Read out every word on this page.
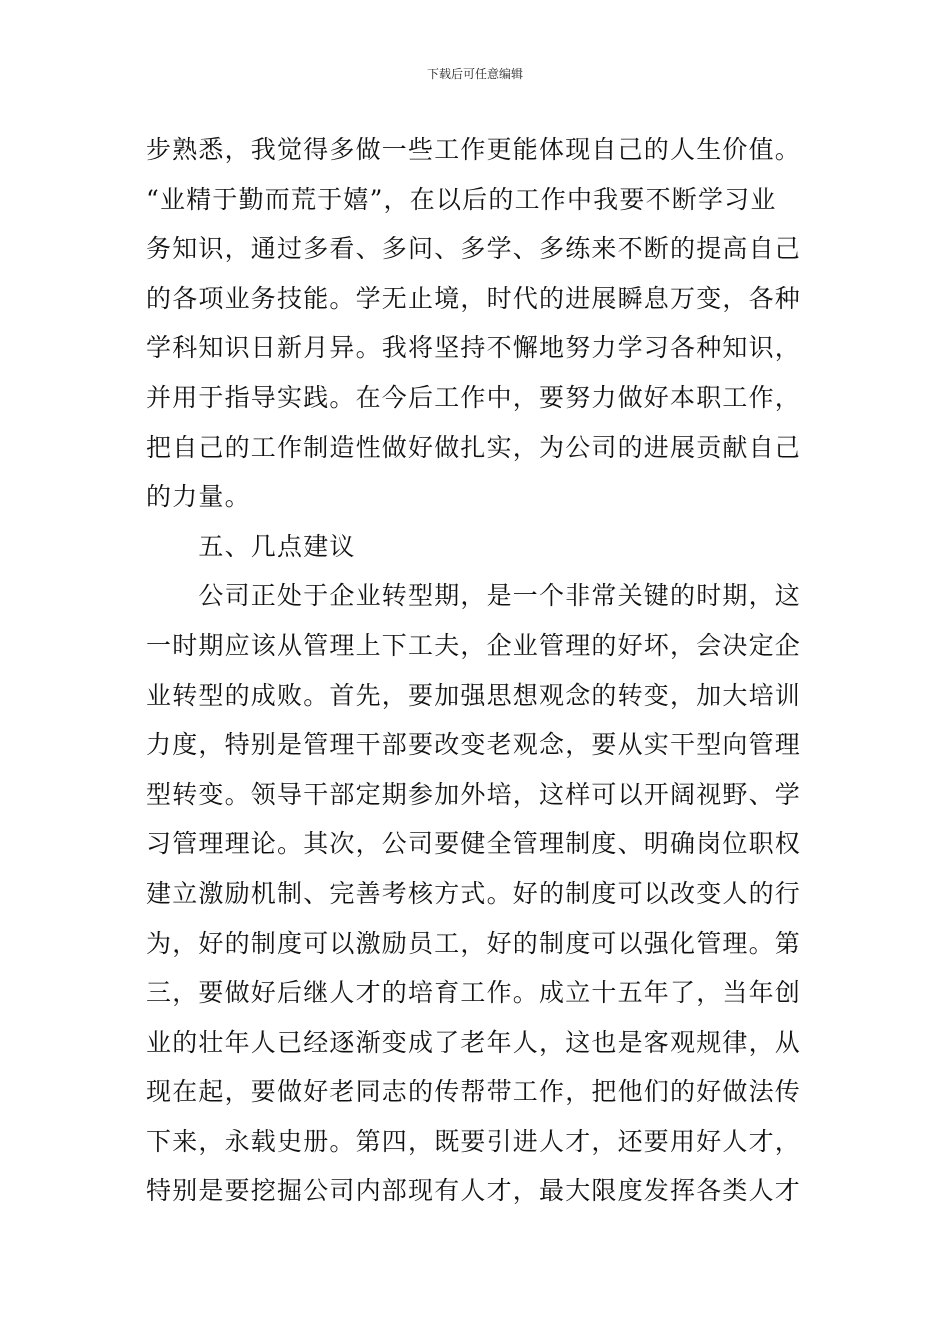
下载后可任意编辑
步熟悉，我觉得多做一些工作更能体现自己的人生价值。
“业精于勤而荒于嬉”，在以后的工作中我要不断学习业
务知识，通过多看、多问、多学、多练来不断的提高自己
的各项业务技能。学无止境，时代的进展瞬息万变，各种
学科知识日新月异。我将坚持不懈地努力学习各种知识，
并用于指导实践。在今后工作中，要努力做好本职工作，
把自己的工作制造性做好做扎实，为公司的进展贡献自己
的力量。
　　五、几点建议
　　公司正处于企业转型期，是一个非常关键的时期，这
一时期应该从管理上下工夫，企业管理的好坏，会决定企
业转型的成败。首先，要加强思想观念的转变，加大培训
力度，特别是管理干部要改变老观念，要从实干型向管理
型转变。领导干部定期参加外培，这样可以开阔视野、学
习管理理论。其次，公司要健全管理制度、明确岗位职权
建立激励机制、完善考核方式。好的制度可以改变人的行
为，好的制度可以激励员工，好的制度可以强化管理。第
三，要做好后继人才的培育工作。成立十五年了，当年创
业的壮年人已经逐渐变成了老年人，这也是客观规律，从
现在起，要做好老同志的传帮带工作，把他们的好做法传
下来，永载史册。第四，既要引进人才，还要用好人才，
特别是要挖掘公司内部现有人才，最大限度发挥各类人才
